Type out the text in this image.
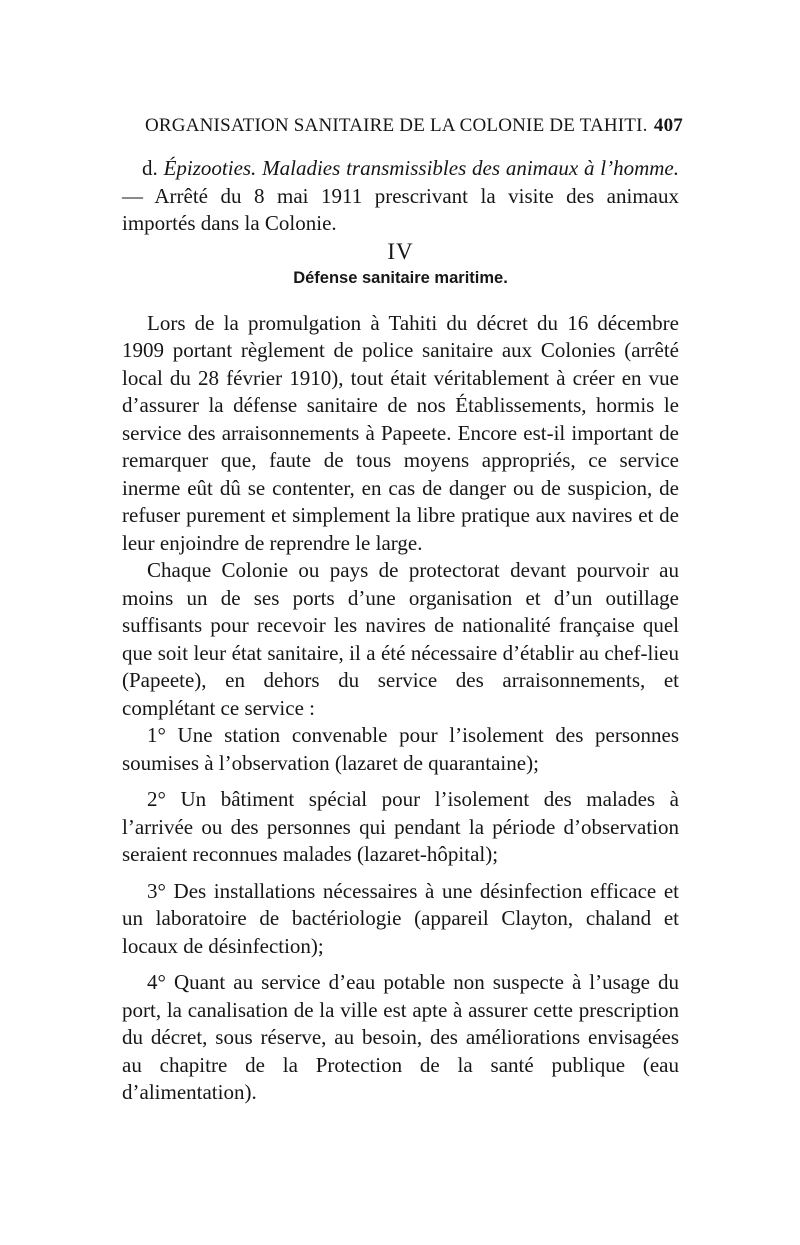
ORGANISATION SANITAIRE DE LA COLONIE DE TAHITI. 407

d. Épizooties. Maladies transmissibles des animaux à l’homme. — Arrêté du 8 mai 1911 prescrivant la visite des animaux importés dans la Colonie.

IV

Défense sanitaire maritime.

Lors de la promulgation à Tahiti du décret du 16 décembre 1909 portant règlement de police sanitaire aux Colonies (arrêté local du 28 février 1910), tout était véritablement à créer en vue d’assurer la défense sanitaire de nos Établissements, hormis le service des arraisonnements à Papeete. Encore est-il important de remarquer que, faute de tous moyens appropriés, ce service inerme eût dû se contenter, en cas de danger ou de suspicion, de refuser purement et simplement la libre pratique aux navires et de leur enjoindre de reprendre le large.

Chaque Colonie ou pays de protectorat devant pourvoir au moins un de ses ports d’une organisation et d’un outillage suffisants pour recevoir les navires de nationalité française quel que soit leur état sanitaire, il a été nécessaire d’établir au chef-lieu (Papeete), en dehors du service des arraisonnements, et complétant ce service :

1° Une station convenable pour l’isolement des personnes soumises à l’observation (lazaret de quarantaine);

2° Un bâtiment spécial pour l’isolement des malades à l’arrivée ou des personnes qui pendant la période d’observation seraient reconnues malades (lazaret-hôpital);

3° Des installations nécessaires à une désinfection efficace et un laboratoire de bactériologie (appareil Clayton, chaland et locaux de désinfection);

4° Quant au service d’eau potable non suspecte à l’usage du port, la canalisation de la ville est apte à assurer cette prescription du décret, sous réserve, au besoin, des améliorations envisagées au chapitre de la Protection de la santé publique (eau d’alimentation).
